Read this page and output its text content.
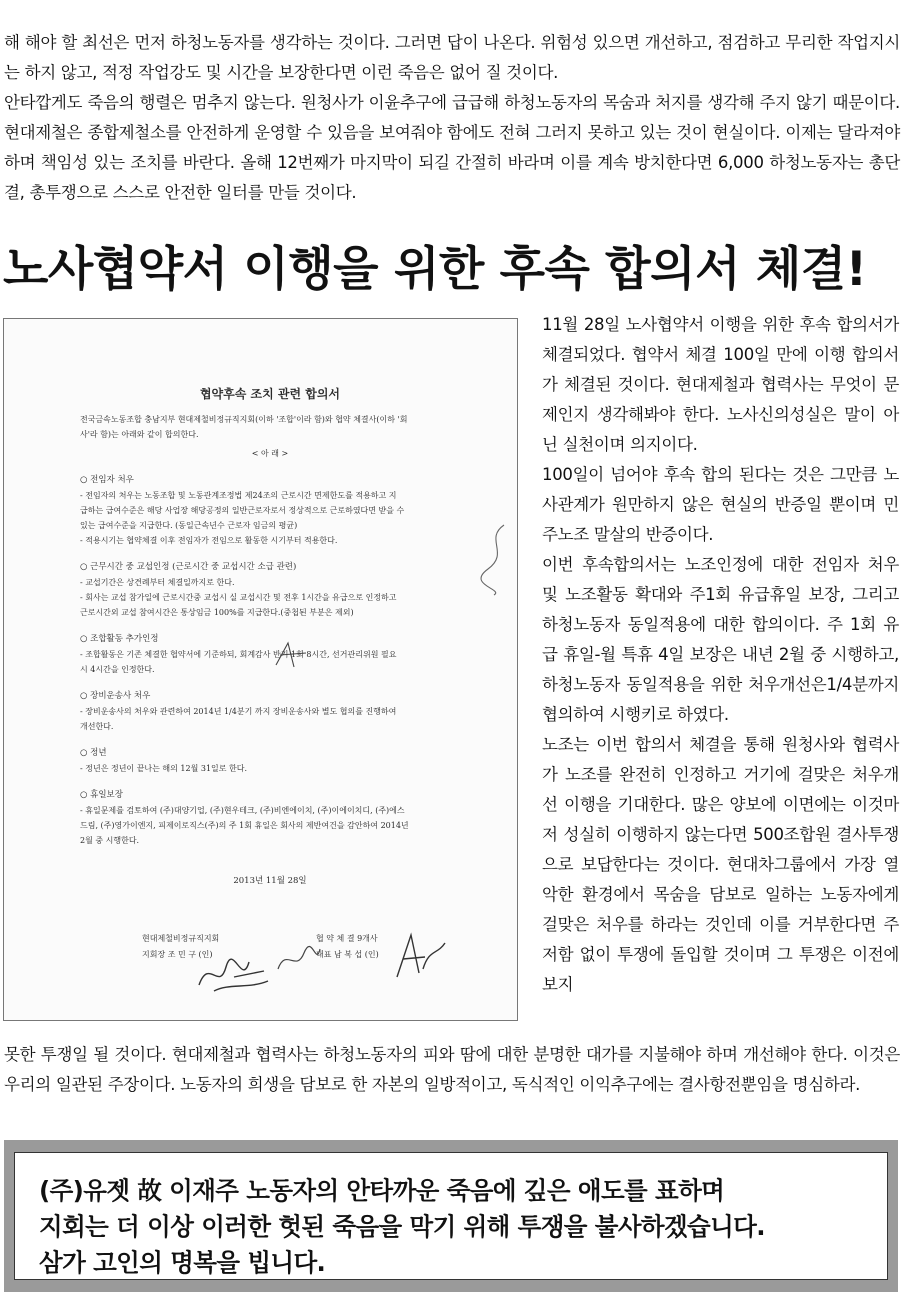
해 해야 할 최선은 먼저 하청노동자를 생각하는 것이다. 그러면 답이 나온다. 위험성 있으면 개선하고, 점검하고 무리한 작업지시는 하지 않고, 적정 작업강도 및 시간을 보장한다면 이런 죽음은 없어 질 것이다.

안타깝게도 죽음의 행렬은 멈추지 않는다. 원청사가 이윤추구에 급급해 하청노동자의 목숨과 처지를 생각해 주지 않기 때문이다. 현대제철은 종합제철소를 안전하게 운영할 수 있음을 보여줘야 함에도 전혀 그러지 못하고 있는 것이 현실이다. 이제는 달라져야 하며 책임성 있는 조치를 바란다. 올해 12번째가 마지막이 되길 간절히 바라며 이를 계속 방치한다면 6,000 하청노동자는 총단결, 총투쟁으로 스스로 안전한 일터를 만들 것이다.

노사협약서 이행을 위한 후속 합의서 체결!
협약후속 조치 관련 합의서
전국금속노동조합 충남지부 현대제철비정규직지회(이하 '조합'이라 함)와 협약 체결사(이하 '회
사'라 함)는 아래와 같이 합의한다.
< 아 래 >
○ 전임자 처우
- 전임자의 처우는 노동조합 및 노동관계조정법 제24조의 근로시간 면제한도를 적용하고 지
급하는 급여수준은 해당 사업장 해당공정의 일반근로자로서 정상적으로 근로하였다면 받을 수
있는 급여수준을 지급한다. (동일근속년수 근로자 임금의 평균)
- 적용시기는 협약체결 이후 전임자가 전임으로 활동한 시기부터 적용한다.
○ 근무시간 중 교섭인정 (근로시간 중 교섭시간 소급 관련)
- 교섭기간은 상견례부터 체결일까지로 한다.
- 회사는 교섭 참가일에 근로시간중 교섭시 실 교섭시간 및 전후 1시간을 유급으로 인정하고
근로시간외 교섭 참여시간은 통상임금 100%를 지급한다.(중첩된 부분은 제외)
○ 조합활동 추가인정
- 조합활동은 기존 체결한 협약서에 기준하되, 회계감사 반기 1회 8시간, 선거관리위원 필요
시 4시간을 인정한다.
○ 장비운송사 처우
- 장비운송사의 처우와 관련하여 2014년 1/4분기 까지 장비운송사와 별도 협의를 진행하여
개선한다.
○ 정년
- 정년은 정년이 끝나는 해의 12월 31일로 한다.
○ 휴일보장
- 휴일문제를 검토하여 (주)대양기업, (주)현우테크, (주)비엔에이치, (주)이에이치디, (주)에스
드림, (주)영가이엔지, 피제이로직스(주)의 주 1회 휴일은 회사의 제반여건을 감안하여 2014년
2월 중 시행한다.
2013년 11월 28일
현대제철비정규직지회
지회장 조 민 구 (인)
협 약 체 결 9개사
대표 남 복 섭 (인)

11월 28일 노사협약서 이행을 위한 후속 합의서가 체결되었다. 협약서 체결 100일 만에 이행 합의서가 체결된 것이다. 현대제철과 협력사는 무엇이 문제인지 생각해봐야 한다. 노사신의성실은 말이 아닌 실천이며 의지이다.

100일이 넘어야 후속 합의 된다는 것은 그만큼 노사관계가 원만하지 않은 현실의 반증일 뿐이며 민주노조 말살의 반증이다.

이번 후속합의서는 노조인정에 대한 전임자 처우 및 노조활동 확대와 주1회 유급휴일 보장, 그리고 하청노동자 동일적용에 대한 합의이다. 주 1회 유급 휴일-월 특휴 4일 보장은 내년 2월 중 시행하고, 하청노동자 동일적용을 위한 처우개선은1/4분까지 협의하여 시행키로 하였다.

노조는 이번 합의서 체결을 통해 원청사와 협력사가 노조를 완전히 인정하고 거기에 걸맞은 처우개선 이행을 기대한다. 많은 양보에 이면에는 이것마저 성실히 이행하지 않는다면 500조합원 결사투쟁으로 보답한다는 것이다. 현대차그룹에서 가장 열악한 환경에서 목숨을 담보로 일하는 노동자에게 걸맞은 처우를 하라는 것인데 이를 거부한다면 주저함 없이 투쟁에 돌입할 것이며 그 투쟁은 이전에 보지

못한 투쟁일 될 것이다. 현대제철과 협력사는 하청노동자의 피와 땀에 대한 분명한 대가를 지불해야 하며 개선해야 한다. 이것은 우리의 일관된 주장이다. 노동자의 희생을 담보로 한 자본의 일방적이고, 독식적인 이익추구에는 결사항전뿐임을 명심하라.

(주)유젯 故 이재주 노동자의 안타까운 죽음에 깊은 애도를 표하며
지회는 더 이상 이러한 헛된 죽음을 막기 위해 투쟁을 불사하겠습니다.
삼가 고인의 명복을 빕니다.
